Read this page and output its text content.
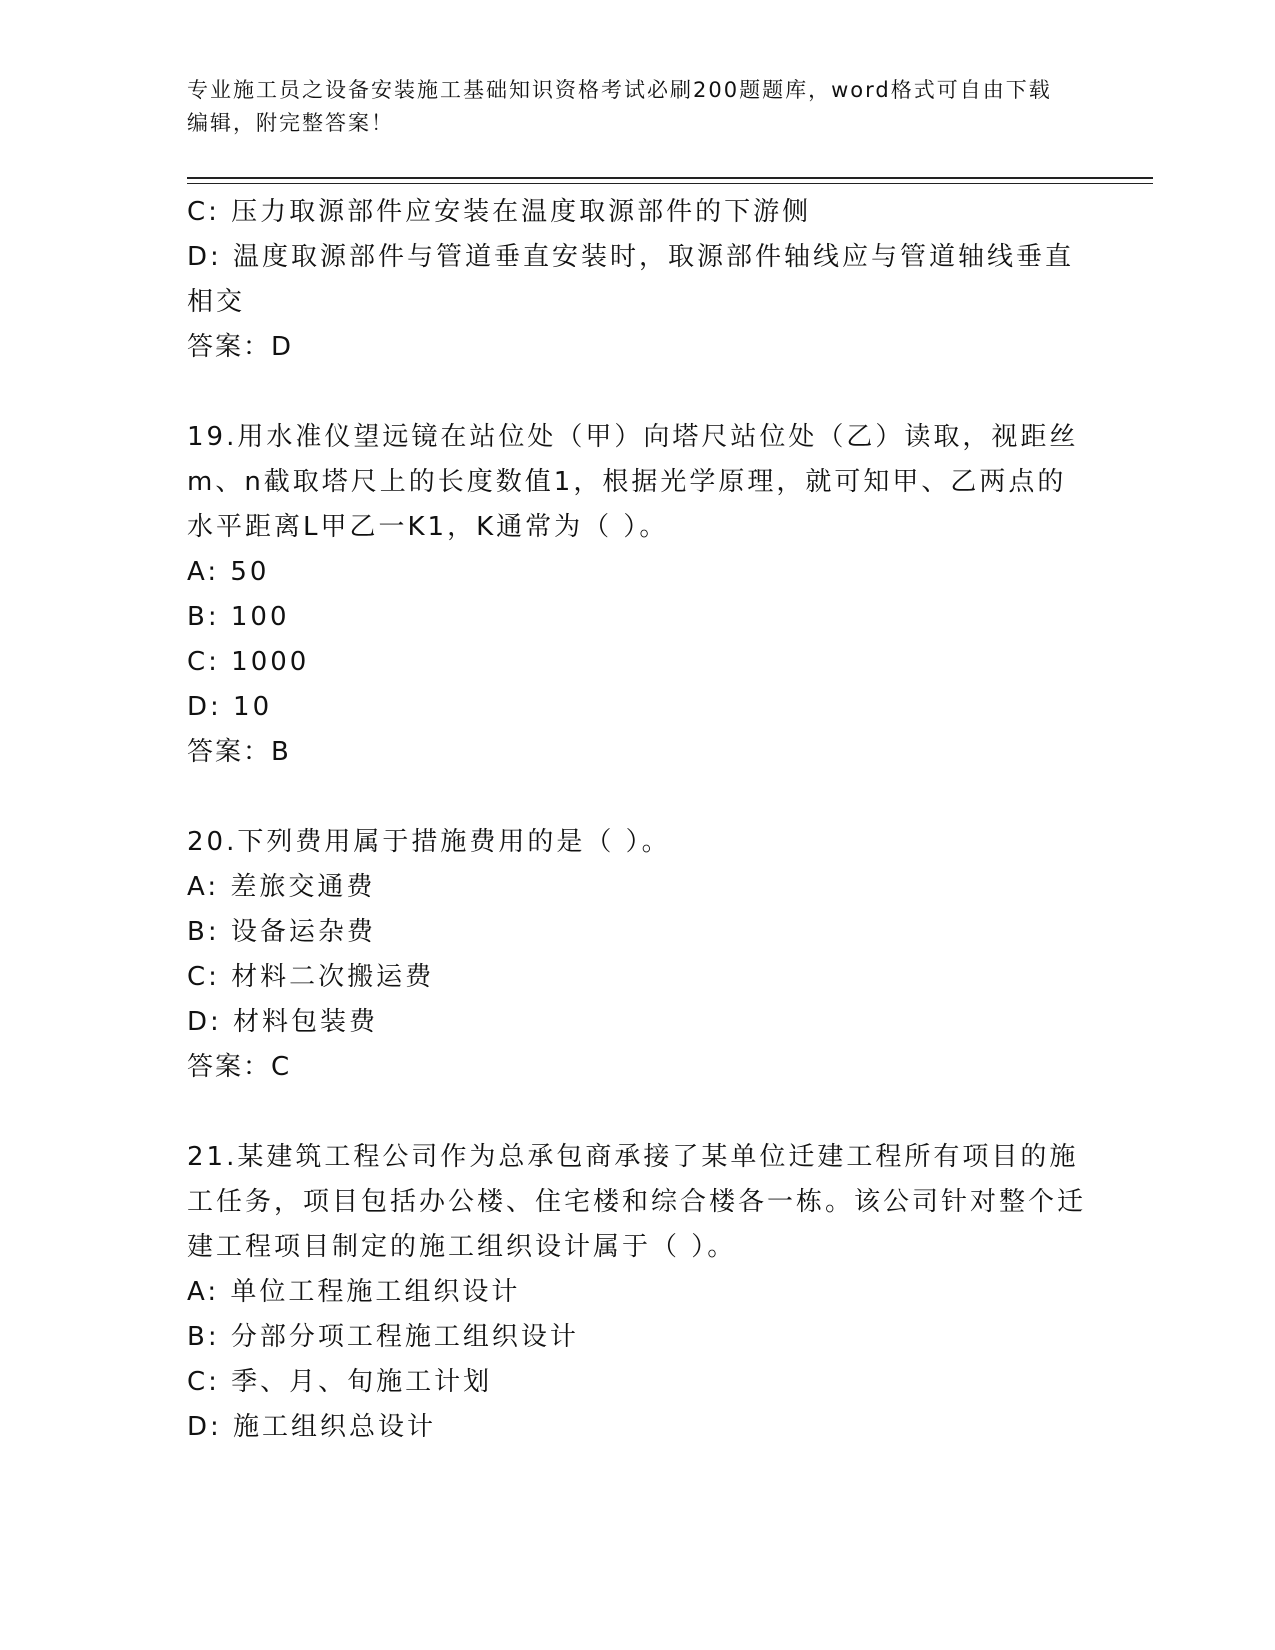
专业施工员之设备安装施工基础知识资格考试必刷200题题库，word格式可自由下载编辑，附完整答案！
C: 压力取源部件应安装在温度取源部件的下游侧
D: 温度取源部件与管道垂直安装时，取源部件轴线应与管道轴线垂直相交
答案：D
19.用水准仪望远镜在站位处（甲）向塔尺站位处（乙）读取，视距丝m、n截取塔尺上的长度数值1，根据光学原理，就可知甲、乙两点的水平距离L甲乙一K1，K通常为（ ）。
A: 50
B: 100
C: 1000
D: 10
答案：B
20.下列费用属于措施费用的是（ ）。
A: 差旅交通费
B: 设备运杂费
C: 材料二次搬运费
D: 材料包装费
答案：C
21.某建筑工程公司作为总承包商承接了某单位迁建工程所有项目的施工任务，项目包括办公楼、住宅楼和综合楼各一栋。该公司针对整个迁建工程项目制定的施工组织设计属于（ ）。
A: 单位工程施工组织设计
B: 分部分项工程施工组织设计
C: 季、月、旬施工计划
D: 施工组织总设计
